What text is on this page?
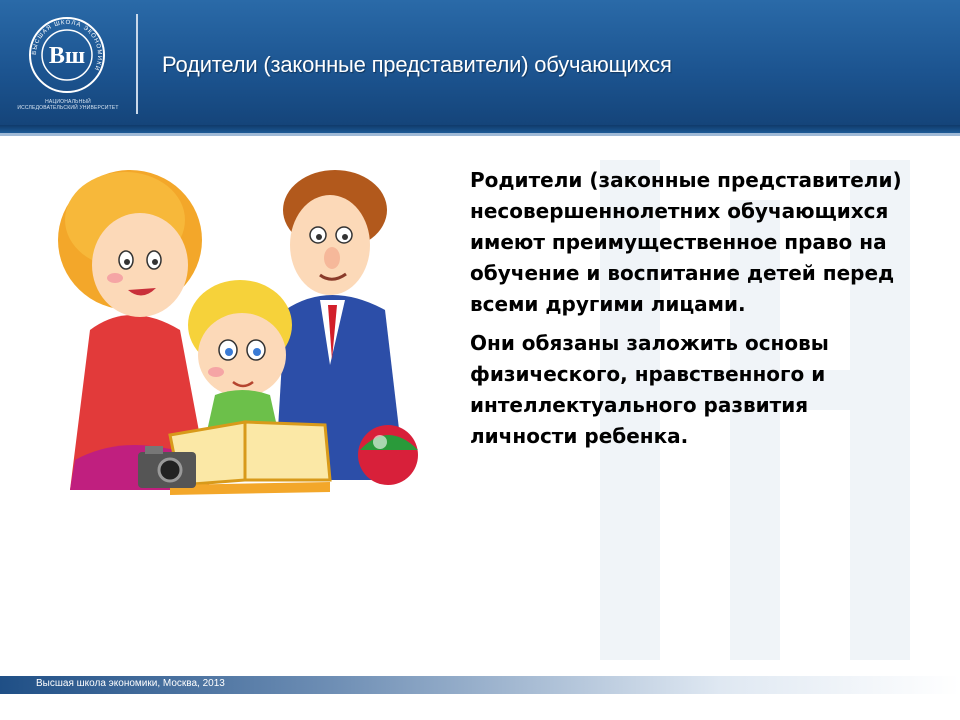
ВЫСШАЯ ШКОЛА ЭКОНОМИКИ
Вш
НАЦИОНАЛЬНЫЙ ИССЛЕДОВАТЕЛЬСКИЙ УНИВЕРСИТЕТ
Родители (законные представители) обучающихся

Родители (законные представители) несовершеннолетних обучающихся имеют преимущественное право на обучение и воспитание детей перед всеми другими лицами.

Они обязаны заложить основы физического, нравственного и интеллектуального развития личности ребенка.

Высшая школа экономики, Москва, 2013
